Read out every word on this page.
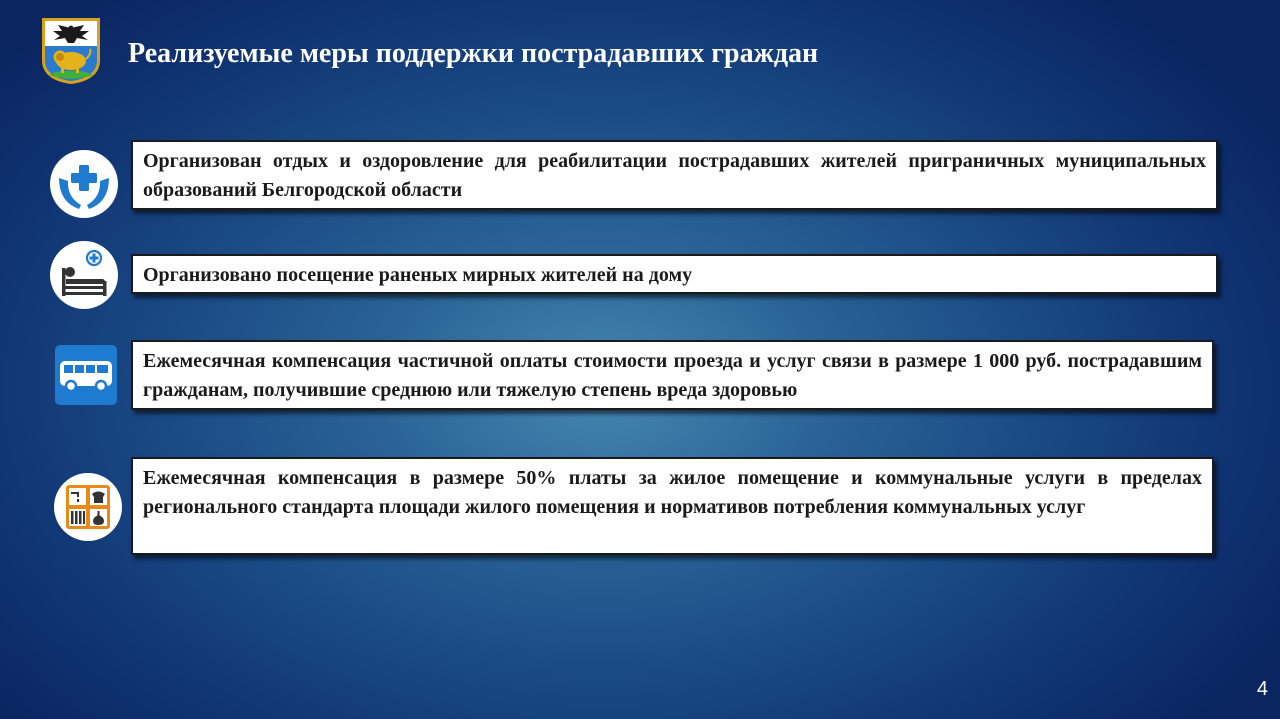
Реализуемые меры поддержки пострадавших граждан
Организован отдых и оздоровление для реабилитации пострадавших жителей приграничных муниципальных образований Белгородской области
Организовано посещение раненых мирных жителей на дому
Ежемесячная компенсация частичной оплаты стоимости проезда и услуг связи в размере 1 000 руб. пострадавшим гражданам, получившие среднюю или тяжелую степень вреда здоровью
Ежемесячная компенсация в размере 50% платы за жилое помещение и коммунальные услуги в пределах регионального стандарта площади жилого помещения и нормативов потребления коммунальных услуг
4
